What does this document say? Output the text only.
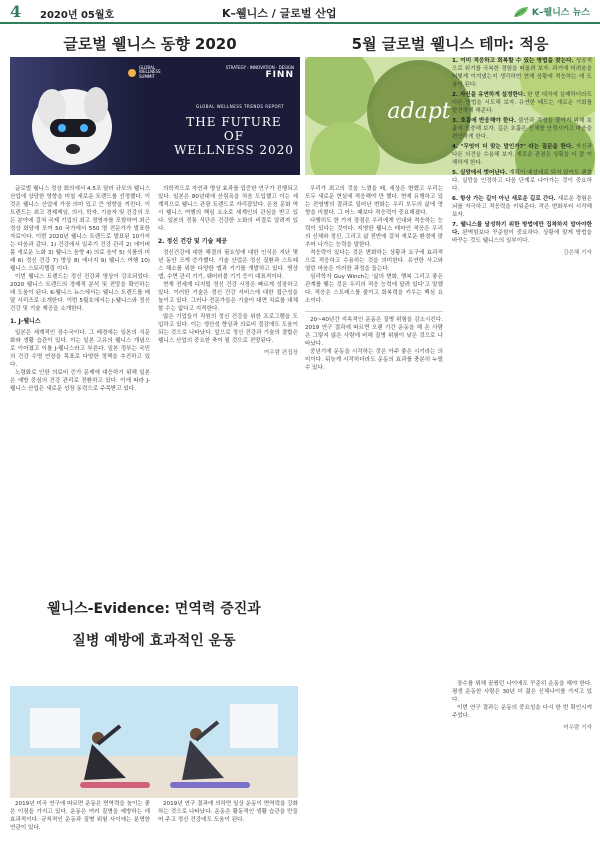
4 2020년 05월호	K–웰니스 / 글로벌 산업	K–웰니스 뉴스
글로벌 웰니스 동향 2020	5월 글로벌 웰니스 테마: 적응
GLOBAL WELLNESS SUMMIT
STRATEGY · INNOVATION · DESIGN
FINN
GLOBAL WELLNESS TRENDS REPORT
THE FUTURE
OF
WELLNESS 2020
adapt

글로벌 웰니스 정상 회의에서 4.5조 달러 규모의 웰니스 산업에 상당한 영향을 미칠 새로운 트렌드를 선정했다. 이것은 웰니스 산업에 가장 의미 있고 큰 영향을 끼친다. 이 트렌드는 최고 경제책임, 의사, 학자, 기술자 및 건강의 모든 분야에 걸쳐 국제 기업의 최고 경영자를 포함하여 최근 정상 회담에 모여 50 국가에서 550 명 전문가가 발표한 자료이다. 이번 2020년 웰니스 트렌드로 발표된 10가지는 다음과 같다. 1) 건강에서 일주기 건강 관리 2) 에이버 몸 새로운 노화 3) 웰니스 음향 4) 의료 음악 5) 식품의 미래 6) 정신 건강 7) 명상 8) 에너지 9) 웰니스 여행 10) 웰니스 스토리텔링 이다.

이번 웰니스 트렌드는 정신 건강과 명상이 강조되었다. 2020 웰니스 트렌드의 경제적 분석 및 전망을 확인하는 데 도움이 된다. K-웰니스 뉴스에서는 웰니스 트렌드를 매달 시리즈로 소개한다. 이번 5월호에서는 J-웰니스와 정신 건강 및 기술 제공을 소개한다.

1. J-웰니스

일본은 세계적인 장수국이다. 그 배경에는 일본의 식문화와 생활 습관이 있다. 이는 일본 고유의 웰니스 개념으로 이어졌고 이를 J-웰니스라고 부른다. 일본 정부는 국민의 건강 수명 연장을 목표로 다양한 정책을 추진하고 있다.

노령화로 인한 의료비 증가 문제에 대응하기 위해 일본은 예방 중심의 건강 관리로 전환하고 있다. 이에 따라 J-웰니스 산업은 새로운 성장 동력으로 주목받고 있다.

의학적으로 자연과 명상 효과를 입증한 연구가 진행되고 있다. 일본은 80년대에 산림욕을 처음 도입했고 이는 세계적으로 웰니스 관광 트렌드로 자리잡았다. 온천 문화 역시 웰니스 여행의 핵심 요소로 세계인의 관심을 받고 있다. 일본의 전통 식단은 건강한 노화의 비결로 알려져 있다.

2. 정신 건강 및 기술 제공

정신건강에 대한 해결의 필요성에 대한 인식은 지난 몇 년 동안 크게 증가했다. 기술 산업은 정신 질환과 스트레스 해소를 위한 다양한 앱과 기기를 개발하고 있다. 명상 앱, 수면 관리 기기, 웨어러블 기기 등이 대표적이다.

현재 전세계 디지털 정신 건강 시장은 빠르게 성장하고 있다. 이러한 기술은 정신 건강 서비스에 대한 접근성을 높이고 있다. 그러나 전문가들은 기술이 대면 치료를 대체할 수는 없다고 지적한다.

많은 기업들이 직원의 정신 건강을 위한 프로그램을 도입하고 있다. 이는 생산성 향상과 의료비 절감에도 도움이 되는 것으로 나타났다. 앞으로 정신 건강과 기술의 결합은 웰니스 산업의 중요한 축이 될 것으로 전망된다.

여우람 편집장
웰니스-Evidence: 면역력 증진과
질병 예방에 효과적인 운동

2019년 미국 연구에 따르면 운동은 면역력을 높이는 좋은 이점을 가지고 있다. 운동은 여러 질병을 예방하는 데 효과적이다. 규칙적인 운동과 질병 위험 사이에는 분명한 연관이 있다.

2019년 연구 결과에 의하면 일상 운동이 면역력을 강화하는 것으로 나타났다. 운동은 활동적인 생활 습관을 만들어 주고 정신 건강에도 도움이 된다.

우리가 최고의 것을 느꼈을 때, 세상은 변했고 우리는 모두 새로운 현실에 적응해야 만 했다. 현재 유행하고 있는 전염병의 결과로 일어난 변화는 우리 모두의 삶에 영향을 미쳤다. 그 어느 때보다 적응력이 중요해졌다.

다행히도 한 가지 장점은 우리에게 인내와 적응하는 능력이 있다는 것이다. 지명한 웰니스 테마인 적응은 우리의 신체와 정신, 그리고 삶 전반에 걸쳐 새로운 환경에 맞추어 나가는 능력을 말한다.

적응력이 있다는 것은 변화하는 상황과 요구에 효과적으로 적응하고 수용하는 것을 의미한다. 유연한 사고와 열린 마음은 이러한 과정을 돕는다.

심리학자 Guy Winch는 '삶의 변화, 행복 그리고 좋은 관계를 맺는 것은 우리의 적응 능력에 달려 있다'고 말했다. 적응은 스트레스를 줄이고 회복력을 키우는 핵심 요소이다.

20~40년간 지속적인 운동은 질병 위험을 감소시킨다. 2019 연구 결과에 따르면 오랜 기간 운동을 해 온 사람은 그렇지 않은 사람에 비해 질병 위험이 낮은 것으로 나타났다.

중년기에 운동을 시작하는 것은 아주 좋은 시기라는 의미이다. 뒤늦게 시작하더라도 운동의 효과를 충분히 누릴 수 있다.

1. 이미 적응하고 회복할 수 있는 방법을 찾는다. 성공적으로 위기를 극복한 경험을 떠올려 보자. 과거에 어려움을 어떻게 이겨냈는지 생각하면 현재 상황에 적응하는 데 도움이 된다.
2. 자신을 유연하게 설정한다. 한 번 대처에 실패하더라도 다른 방법을 시도해 보자. 유연한 태도는 새로운 기회를 발견하게 해준다.
3. 호흡에 반응해야 한다. 불안과 걱정을 줄이기 위해 호흡에 집중해 보자. 깊은 호흡은 신체를 안정시키고 마음을 편안하게 한다.
4. "무엇이 더 맞는 말인가?" 라는 질문을 한다. 자신과 다른 의견을 수용해 보자. 새로운 관점은 상황을 더 잘 이해하게 한다.
5. 실망에서 벗어난다. 계획이 예상대로 되지 않아도 괜찮다. 실망을 인정하고 다음 단계로 나아가는 것이 중요하다.
6. 항상 가는 길이 아닌 새로운 길로 간다. 새로운 경험은 뇌를 자극하고 적응력을 키워준다. 작은 변화부터 시작해 보자.
7. 웰니스를 달성하기 위한 방법에만 집착하지 말아야한다. 완벽함보다 꾸준함이 중요하다. 상황에 맞게 방법을 바꾸는 것도 웰니스의 일부이다.
강은혜 기자

장수를 위해 꿈꿨던 나이에도 꾸준히 운동을 해야 한다. 평생 운동한 사람은 30년 더 젊은 신체나이를 가지고 있다.

이번 연구 결과는 운동의 중요성을 다시 한 번 확인시켜 주었다.

여우람 기자
